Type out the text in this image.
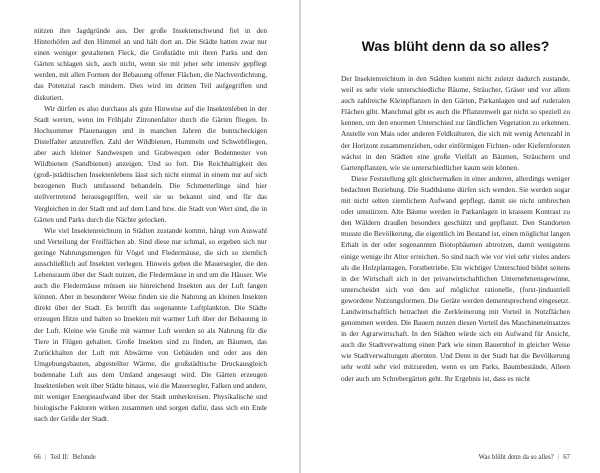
nützen ihre Jagdgründe aus. Der große Insektenschwund fiel in den Hinterhöfen auf den Himmel an und hält dort an. Die Städte hatten zwar nur einen weniger gestaltenen Fleck, die Großstädte mit ihren Parks und den Gärten schlagen sich, auch nicht, wenn sie mit jeher sehr intensiv gepflegt werden, mit allen Formen der Bebauung offener Flächen, die Nachverdichtung, das Potenzial rasch mindern. Dies wird im dritten Teil aufgegriffen und diskutiert.

Wir dürfen es also durchaus als gute Hinweise auf die Insektenleben in der Stadt werten, wenn im Frühjahr Zitronenfalter durch die Gärten fliegen. In Hochsommer Pfauenaugen und in manchen Jahren die buntscheckigen Distelfalter anzutreffen. Zahl der Wildbienen, Hummeln und Schwebfliegen, aber auch kleiner Sandwespen und Grabwespen oder Bodennester von Wildbienen (Sandbienen) anzeigen. Und so fort. Die Reichhaltigkeit des (groß-)städtischen Insektenlebens lässt sich nicht einmal in einem nur auf sich bezogenen Buch umfassend behandeln. Die Schmetterlinge sind hier stellvertretend herausgegriffen, weil sie so bekannt sind und für das Vergleichen in der Stadt und auf dem Land bzw. die Stadt von Wert sind, die in Gärten und Parks durch die Nächte gelocken.

Wie viel Insektenreichtum in Städten zustande kommt, hängt von Auswahl und Verteilung der Freiflächen ab. Sind diese nur schmal, so ergeben sich nur geringe Nahrungsmengen für Vögel und Fledermäuse, die sich so ziemlich ausschließlich auf Insekten verlegen. Hinweis geben die Mauersegler, die den Lebensraum über der Stadt nutzen, die Fledermäuse in und um die Häuser. Wie auch die Fledermäuse müssen sie hinreichend Insekten aus der Luft fangen können. Aber in besonderer Weise finden sie die Nahrung an kleinen Insekten direkt über der Stadt. Es betrifft das sogenannte Luftplankton. Die Städte erzeugen Hitze und halten so Insekten mit warmer Luft über der Bebauung in der Luft. Kleine wie Große mit warmer Luft werden so als Nahrung für die Tiere in Flügen gehalten. Große Insekten sind zu finden, an Bäumen, das Zurückhalten der Luft mit Abwärme von Gebäuden und oder aus den Umgebungsbauten, abgestellter Wärme, die großstädtische Druckausgleich bodennahe Luft aus dem Umland angesaugt wird. Die Gärten erzeugen Insektenleben weit über Städte hinaus, wie die Mauersegler, Falken und andere, mit weniger Energieaufwand über der Stadt umherkreisen. Physikalische und biologische Faktoren wirken zusammen und sorgen dafür, dass sich ein Ende nach der Größe der Stadt.

66 | Teil II: Befunde
Was blüht denn da so alles?

Der Insektenreichtum in den Städten kommt nicht zuletzt dadurch zustande, weil es sehr viele unterschiedliche Bäume, Sträucher, Gräser und vor allem auch zahlreiche Kleinpflanzen in den Gärten, Parkanlagen und auf ruderalen Flächen gibt. Manchmal gibt es auch die Pflanzenwelt gar nicht so speziell zu kennen, um den enormen Unterschied zur ländlichen Vegetation zu erkennen. Anstelle von Mais oder anderen Feldkulturen, die sich mit wenig Artenzahl in der Horizont zusammenziehen, oder einförmigen Fichten- oder Kiefernforsten wächst in den Städten eine große Vielfalt an Bäumen, Sträuchern und Gartenpflanzen, wie sie unterschiedlicher kaum sein können.

Diese Feststellung gilt gleichermaßen in einer anderen, allerdings weniger bedachten Beziehung. Die Stadtbäume dürfen sich wenden. Sie werden sogar mit nicht selten ziemlichem Aufwand gepflegt, damit sie nicht umbrechen oder umstürzen. Alte Bäume werden in Parkanlagen in krassem Kontrast zu den Wäldern draußen besonders geschützt und gepflanzt. Den Standorten musste die Bevölkerung, die eigentlich im Bestand ist, einen möglichst langen Erhalt in der oder sogenannten Biotopbäumen abtrotzen, damit wenigstens einige wenige ihr Alter erreichen. So sind nach wie vor viel sehr vieles anders als die Holzplantagen, Forstbetriebe. Ein wichtiger Unterschied bildet seitens in der Wirtschaft sich in der privatwirtschaftlichen Unternehmensgewinne, unterscheidet sich von den auf möglichst rationelle, (forst-)industriell gewordene Nutzungsformen. Die Geräte werden dementsprechend eingesetzt. Landwirtschaftlich betrachtet die Zerkleinerung mit Vorteil in Nutzflächen genommen werden. Die Bauern nutzen diesen Vorteil des Maschineneinsatzes in der Agrarwirtschaft. In den Städten würde sich ein Aufwand für Ansicht, auch die Stadtverwaltung einen Park wie einen Bauernhof in gleicher Weise wie Stadtverwaltungen abernten. Und Denn in der Stadt hat die Bevölkerung sehr wohl sehr viel mitzureden, wenn es um Parks, Baumbestände, Alleen oder auch um Schrebergärten geht. Ihr Ergebnis ist, dass es nicht

Was blüht denn da so alles? | 67
